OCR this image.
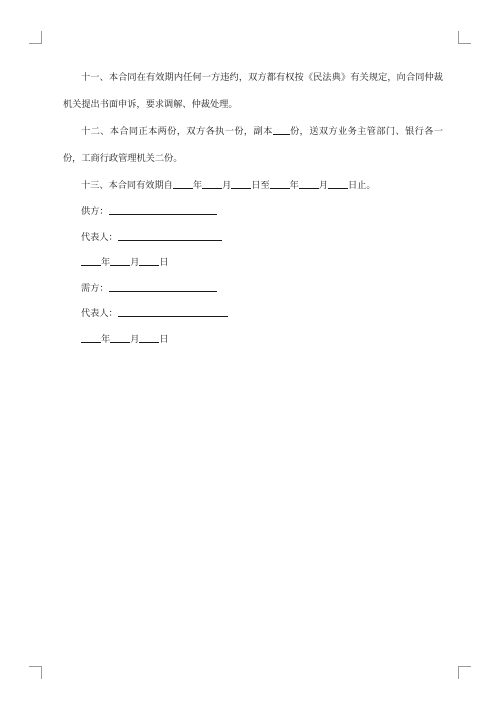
十一、本合同在有效期内任何一方违约，双方都有权按《民法典》有关规定，向合同仲裁机关提出书面申诉，要求调解、仲裁处理。

十二、本合同正本两份，双方各执一份，副本 份，送双方业务主管部门、银行各一份，工商行政管理机关二份。

十三、本合同有效期自 年 月 日至 年 月 日止。

供方：

代表人：

年 月 日

需方：

代表人：

年 月 日
